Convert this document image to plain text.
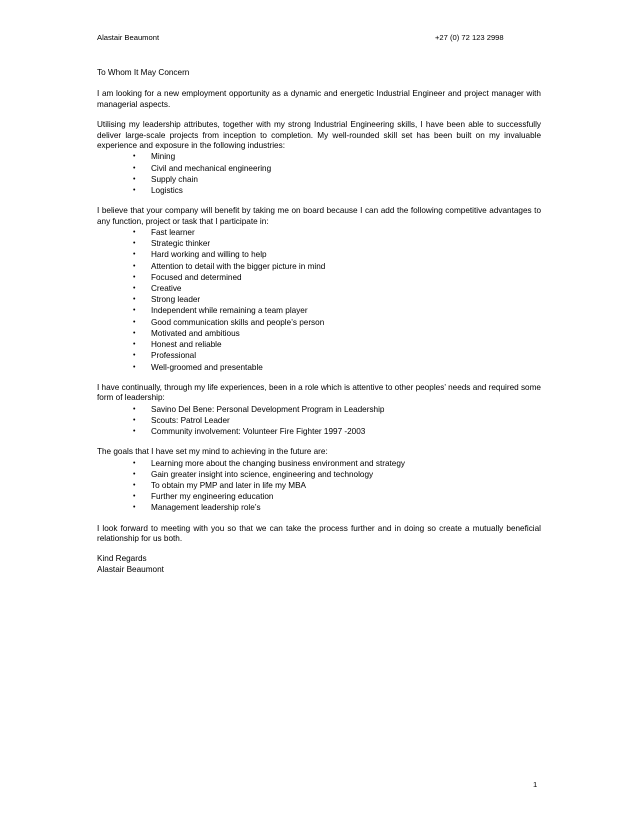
Alastair Beaumont	+27 (0) 72 123 2998

To Whom It May Concern

I am looking for a new employment opportunity as a dynamic and energetic Industrial Engineer and project manager with managerial aspects.

Utilising my leadership attributes, together with my strong Industrial Engineering skills, I have been able to successfully deliver large-scale projects from inception to completion. My well-rounded skill set has been built on my invaluable experience and exposure in the following industries:

• Mining
• Civil and mechanical engineering
• Supply chain
• Logistics

I believe that your company will benefit by taking me on board because I can add the following competitive advantages to any function, project or task that I participate in:

• Fast learner
• Strategic thinker
• Hard working and willing to help
• Attention to detail with the bigger picture in mind
• Focused and determined
• Creative
• Strong leader
• Independent while remaining a team player
• Good communication skills and people’s person
• Motivated and ambitious
• Honest and reliable
• Professional
• Well-groomed and presentable

I have continually, through my life experiences, been in a role which is attentive to other peoples’ needs and required some form of leadership:

• Savino Del Bene: Personal Development Program in Leadership
• Scouts: Patrol Leader
• Community involvement: Volunteer Fire Fighter 1997 -2003

The goals that I have set my mind to achieving in the future are:

• Learning more about the changing business environment and strategy
• Gain greater insight into science, engineering and technology
• To obtain my PMP and later in life my MBA
• Further my engineering education
• Management leadership role’s

I look forward to meeting with you so that we can take the process further and in doing so create a mutually beneficial relationship for us both.

Kind Regards
Alastair Beaumont
1
